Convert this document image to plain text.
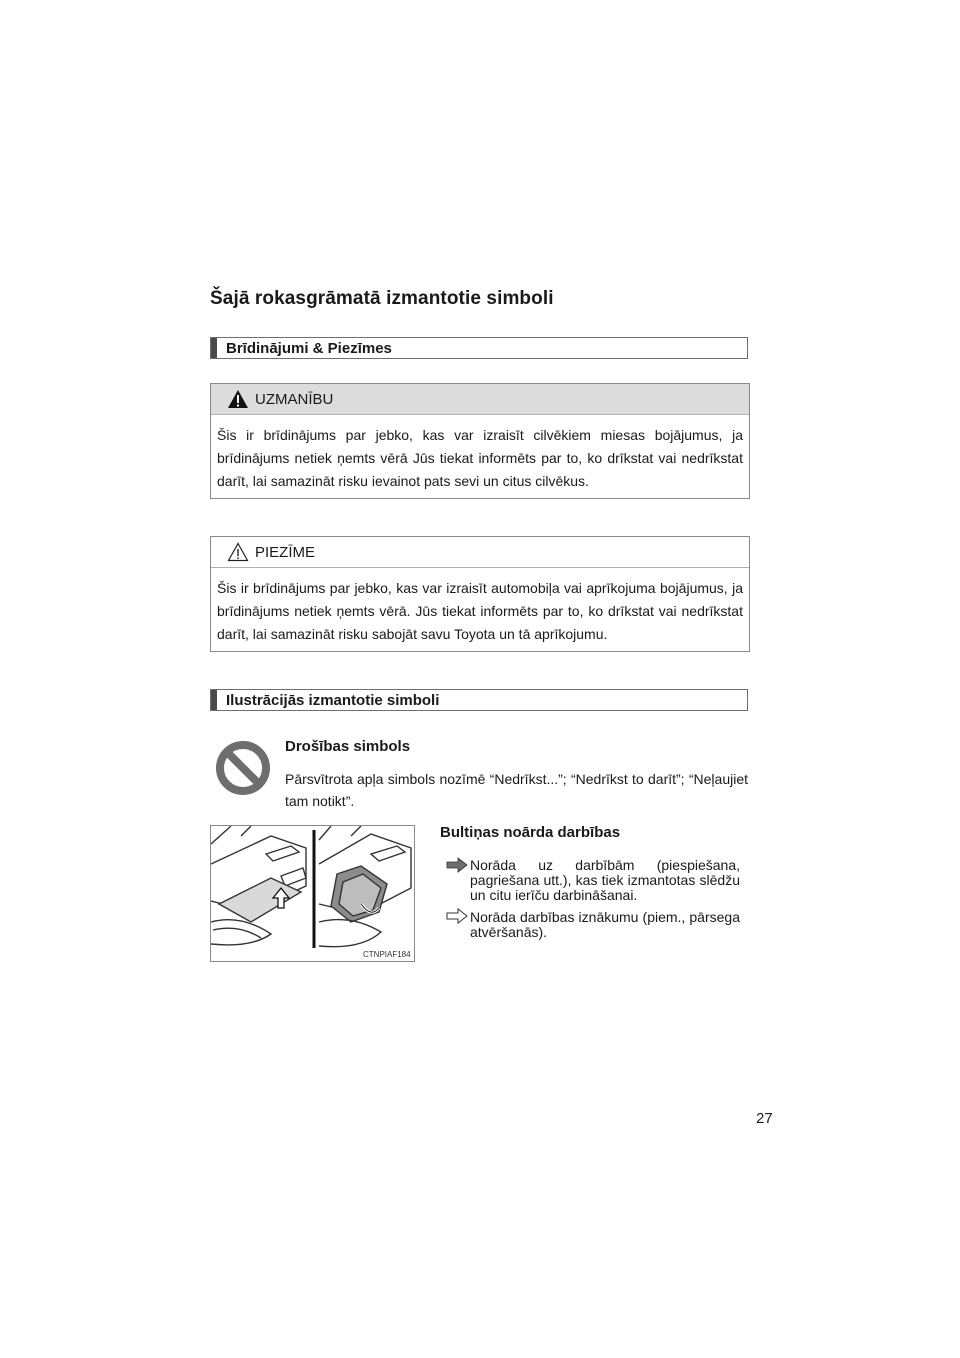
Šajā rokasgrāmatā izmantotie simboli
Brīdinājumi & Piezīmes
UZMANĪBU
Šis ir brīdinājums par jebko, kas var izraisīt cilvēkiem miesas bojājumus, ja brīdinājums netiek ņemts vērā Jūs tiekat informēts par to, ko drīkstat vai nedrīkstat darīt, lai samazināt risku ievainot pats sevi un citus cilvēkus.
PIEZĪME
Šis ir brīdinājums par jebko, kas var izraisīt automobiļa vai aprīkojuma bojājumus, ja brīdinājums netiek ņemts vērā. Jūs tiekat informēts par to, ko drīkstat vai nedrīkstat darīt, lai samazināt risku sabojāt savu Toyota un tā aprīkojumu.
Ilustrācijās izmantotie simboli
Drošības simbols
Pārsvītrota apļa simbols nozīmē “Nedrīkst...”; “Nedrīkst to darīt”; “Neļaujiet tam notikt”.
CTNPIAF184
Bultiņas noārda darbības
Norāda uz darbībām (piespiešana, pagriešana utt.), kas tiek izmantotas slēdžu un citu ierīču darbināšanai.
Norāda darbības iznākumu (piem., pārsega atvēršanās).
27
